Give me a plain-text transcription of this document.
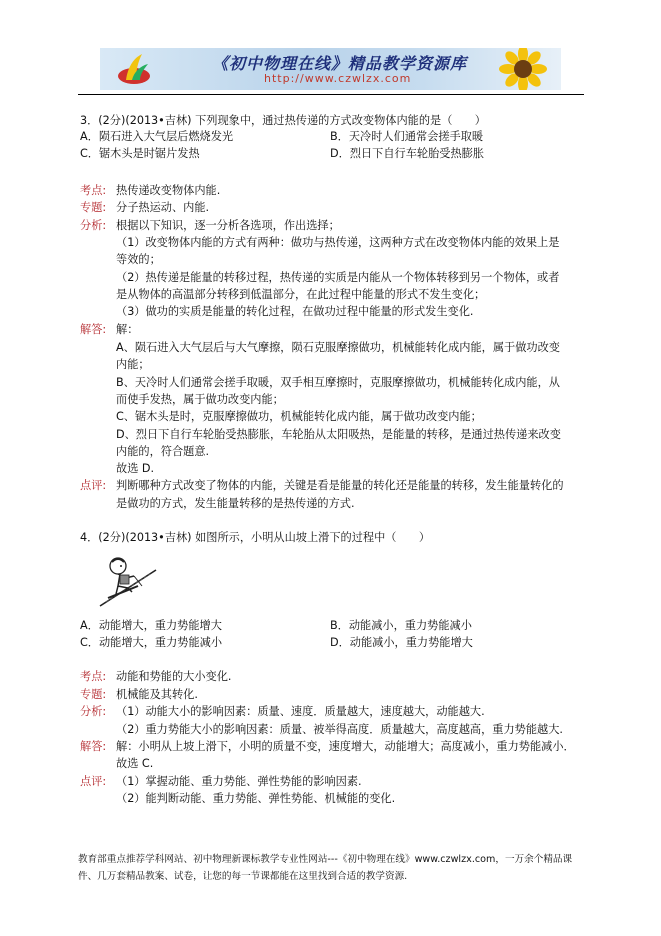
《初中物理在线》精品教学资源库
http://www.czwlzx.com
3．(2分)(2013•吉林) 下列现象中，通过热传递的方式改变物体内能的是（　　）
A．陨石进入大气层后燃烧发光	B．天冷时人们通常会搓手取暖
C．锯木头是时锯片发热	D．烈日下自行车轮胎受热膨胀
考点: 热传递改变物体内能.
专题: 分子热运动、内能.
分析: 根据以下知识，逐一分析各选项，作出选择；
（1）改变物体内能的方式有两种：做功与热传递，这两种方式在改变物体内能的效果上是
等效的；
（2）热传递是能量的转移过程，热传递的实质是内能从一个物体转移到另一个物体，或者
是从物体的高温部分转移到低温部分，在此过程中能量的形式不发生变化；
（3）做功的实质是能量的转化过程，在做功过程中能量的形式发生变化.
解答: 解：
A、陨石进入大气层后与大气摩擦，陨石克服摩擦做功，机械能转化成内能，属于做功改变
内能；
B、天冷时人们通常会搓手取暖，双手相互摩擦时，克服摩擦做功，机械能转化成内能，从
而使手发热，属于做功改变内能；
C、锯木头是时，克服摩擦做功，机械能转化成内能，属于做功改变内能；
D、烈日下自行车轮胎受热膨胀，车轮胎从太阳吸热，是能量的转移，是通过热传递来改变
内能的，符合题意.
故选 D.
点评: 判断哪种方式改变了物体的内能，关键是看是能量的转化还是能量的转移，发生能量转化的
是做功的方式，发生能量转移的是热传递的方式.
4．(2分)(2013•吉林) 如图所示，小明从山坡上滑下的过程中（　　）
A．动能增大，重力势能增大	B．动能减小，重力势能减小
C．动能增大，重力势能减小	D．动能减小，重力势能增大
考点: 动能和势能的大小变化.
专题: 机械能及其转化.
分析: （1）动能大小的影响因素：质量、速度．质量越大，速度越大，动能越大.
（2）重力势能大小的影响因素：质量、被举得高度．质量越大，高度越高，重力势能越大.
解答: 解：小明从上坡上滑下，小明的质量不变，速度增大，动能增大；高度减小，重力势能减小．
故选 C.
点评: （1）掌握动能、重力势能、弹性势能的影响因素.
（2）能判断动能、重力势能、弹性势能、机械能的变化.
教育部重点推荐学科网站、初中物理新课标教学专业性网站---《初中物理在线》www.czwlzx.com，一万余个精品课
件、几万套精品教案、试卷，让您的每一节课都能在这里找到合适的教学资源.
